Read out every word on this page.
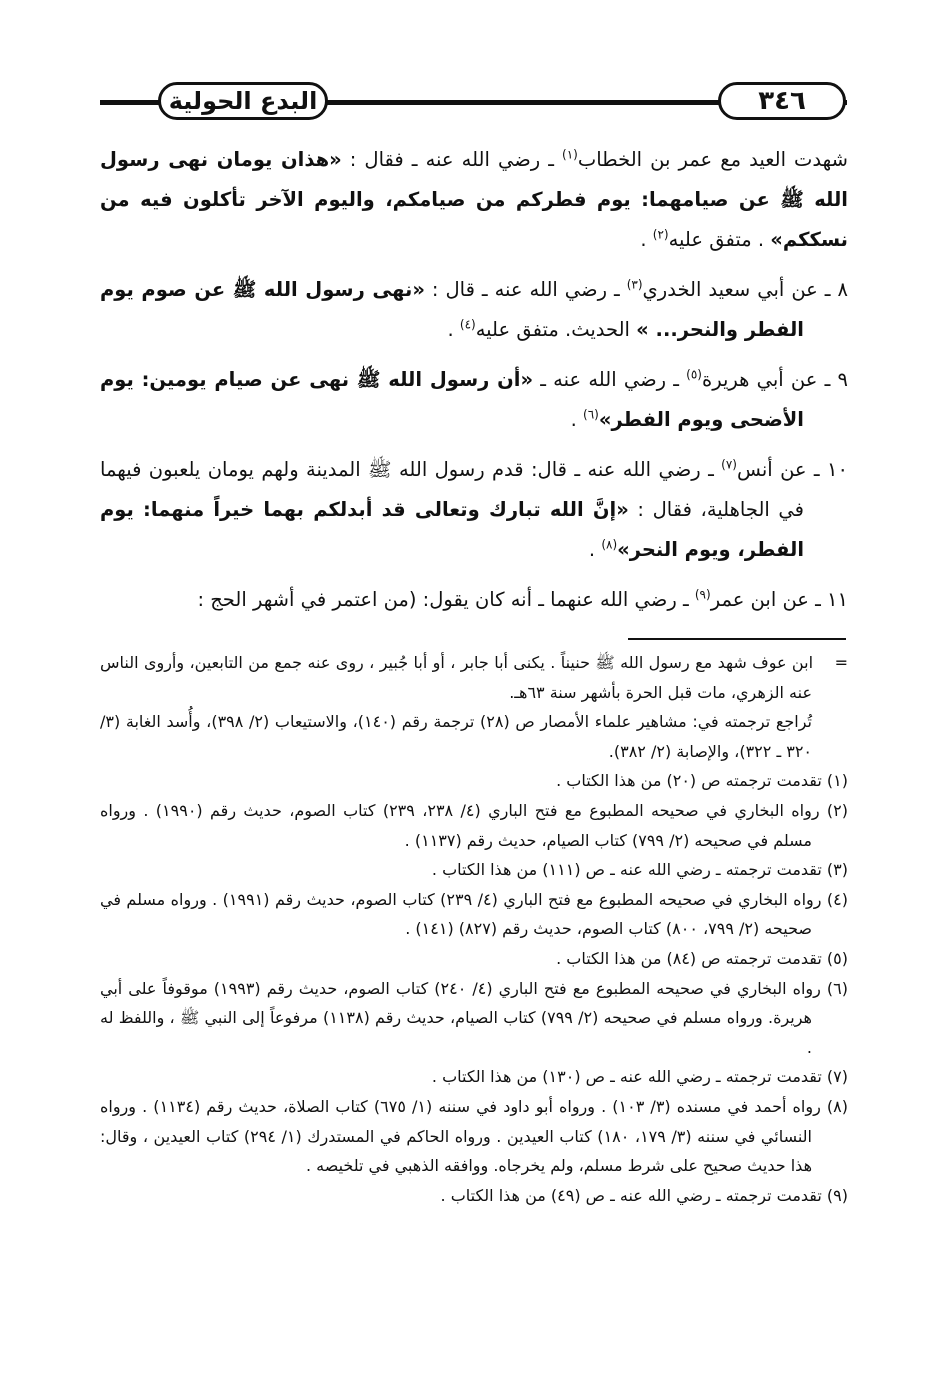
البدع الحولية	٣٤٦

شهدت العيد مع عمر بن الخطاب$^{(١)}$ ـ رضي الله عنه ـ فقال : «هذان يومان نهى رسول الله ﷺ عن صيامهما: يوم فطركم من صيامكم، واليوم الآخر تأكلون فيه من نسككم» . متفق عليه$^{(٢)}$ .

٨ ـ عن أبي سعيد الخدري$^{(٣)}$ ـ رضي الله عنه ـ قال : «نهى رسول الله ﷺ عن صوم يوم الفطر والنحر... » الحديث. متفق عليه$^{(٤)}$ .

٩ ـ عن أبي هريرة$^{(٥)}$ ـ رضي الله عنه ـ «أن رسول الله ﷺ نهى عن صيام يومين: يوم الأضحى ويوم الفطر»$^{(٦)}$ .

١٠ ـ عن أنس$^{(٧)}$ ـ رضي الله عنه ـ قال: قدم رسول الله ﷺ المدينة ولهم يومان يلعبون فيهما في الجاهلية، فقال : «إنَّ الله تبارك وتعالى قد أبدلكم بهما خيراً منهما: يوم الفطر، ويوم النحر»$^{(٨)}$ .

١١ ـ عن ابن عمر$^{(٩)}$ ـ رضي الله عنهما ـ أنه كان يقول: (من اعتمر في أشهر الحج :

=    ابن عوف شهد مع رسول الله ﷺ حنيناً . يكنى أبا جابر ، أو أبا جُبير ، روى عنه جمع من التابعين، وأروى الناس عنه الزهري، مات قبل الحرة بأشهر سنة ٦٣هـ.

تُراجع ترجمته في: مشاهير علماء الأمصار ص (٢٨) ترجمة رقم (١٤٠)، والاستيعاب (٢/ ٣٩٨)، وأُسد الغابة (٣/ ٣٢٠ ـ ٣٢٢)، والإصابة (٢/ ٣٨٢).

(١) تقدمت ترجمته ص (٢٠) من هذا الكتاب .

(٢) رواه البخاري في صحيحه المطبوع مع فتح الباري (٤/ ٢٣٨، ٢٣٩) كتاب الصوم، حديث رقم (١٩٩٠) . ورواه مسلم في صحيحه (٢/ ٧٩٩) كتاب الصيام، حديث رقم (١١٣٧) .

(٣) تقدمت ترجمته ـ رضي الله عنه ـ ص (١١١) من هذا الكتاب .

(٤) رواه البخاري في صحيحه المطبوع مع فتح الباري (٤/ ٢٣٩) كتاب الصوم، حديث رقم (١٩٩١) . ورواه مسلم في صحيحه (٢/ ٧٩٩، ٨٠٠) كتاب الصوم، حديث رقم (٨٢٧) (١٤١) .

(٥) تقدمت ترجمته ص (٨٤) من هذا الكتاب .

(٦) رواه البخاري في صحيحه المطبوع مع فتح الباري (٤/ ٢٤٠) كتاب الصوم، حديث رقم (١٩٩٣) موقوفاً على أبي هريرة. ورواه مسلم في صحيحه (٢/ ٧٩٩) كتاب الصيام، حديث رقم (١١٣٨) مرفوعاً إلى النبي ﷺ ، واللفظ له .

(٧) تقدمت ترجمته ـ رضي الله عنه ـ ص (١٣٠) من هذا الكتاب .

(٨) رواه أحمد في مسنده (٣/ ١٠٣) . ورواه أبو داود في سننه (١/ ٦٧٥) كتاب الصلاة، حديث رقم (١١٣٤) . ورواه النسائي في سننه (٣/ ١٧٩، ١٨٠) كتاب العيدين . ورواه الحاكم في المستدرك (١/ ٢٩٤) كتاب العيدين ، وقال: هذا حديث صحيح على شرط مسلم، ولم يخرجاه. ووافقه الذهبي في تلخيصه .

(٩) تقدمت ترجمته ـ رضي الله عنه ـ ص (٤٩) من هذا الكتاب .
